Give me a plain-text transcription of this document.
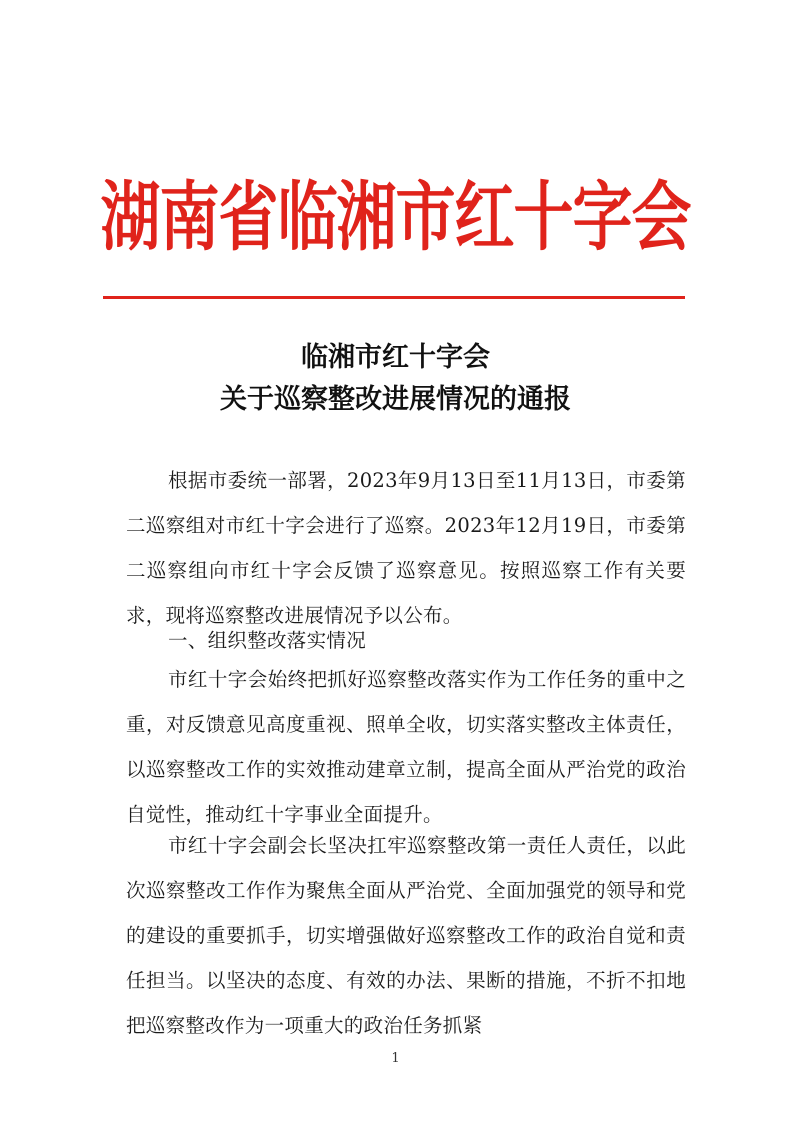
湖南省临湘市红十字会
临湘市红十字会
关于巡察整改进展情况的通报
根据市委统一部署，2023年9月13日至11月13日，市委第二巡察组对市红十字会进行了巡察。2023年12月19日，市委第二巡察组向市红十字会反馈了巡察意见。按照巡察工作有关要求，现将巡察整改进展情况予以公布。
一、组织整改落实情况
市红十字会始终把抓好巡察整改落实作为工作任务的重中之重，对反馈意见高度重视、照单全收，切实落实整改主体责任，以巡察整改工作的实效推动建章立制，提高全面从严治党的政治自觉性，推动红十字事业全面提升。
市红十字会副会长坚决扛牢巡察整改第一责任人责任，以此次巡察整改工作作为聚焦全面从严治党、全面加强党的领导和党的建设的重要抓手，切实增强做好巡察整改工作的政治自觉和责任担当。以坚决的态度、有效的办法、果断的措施，不折不扣地把巡察整改作为一项重大的政治任务抓紧
1
